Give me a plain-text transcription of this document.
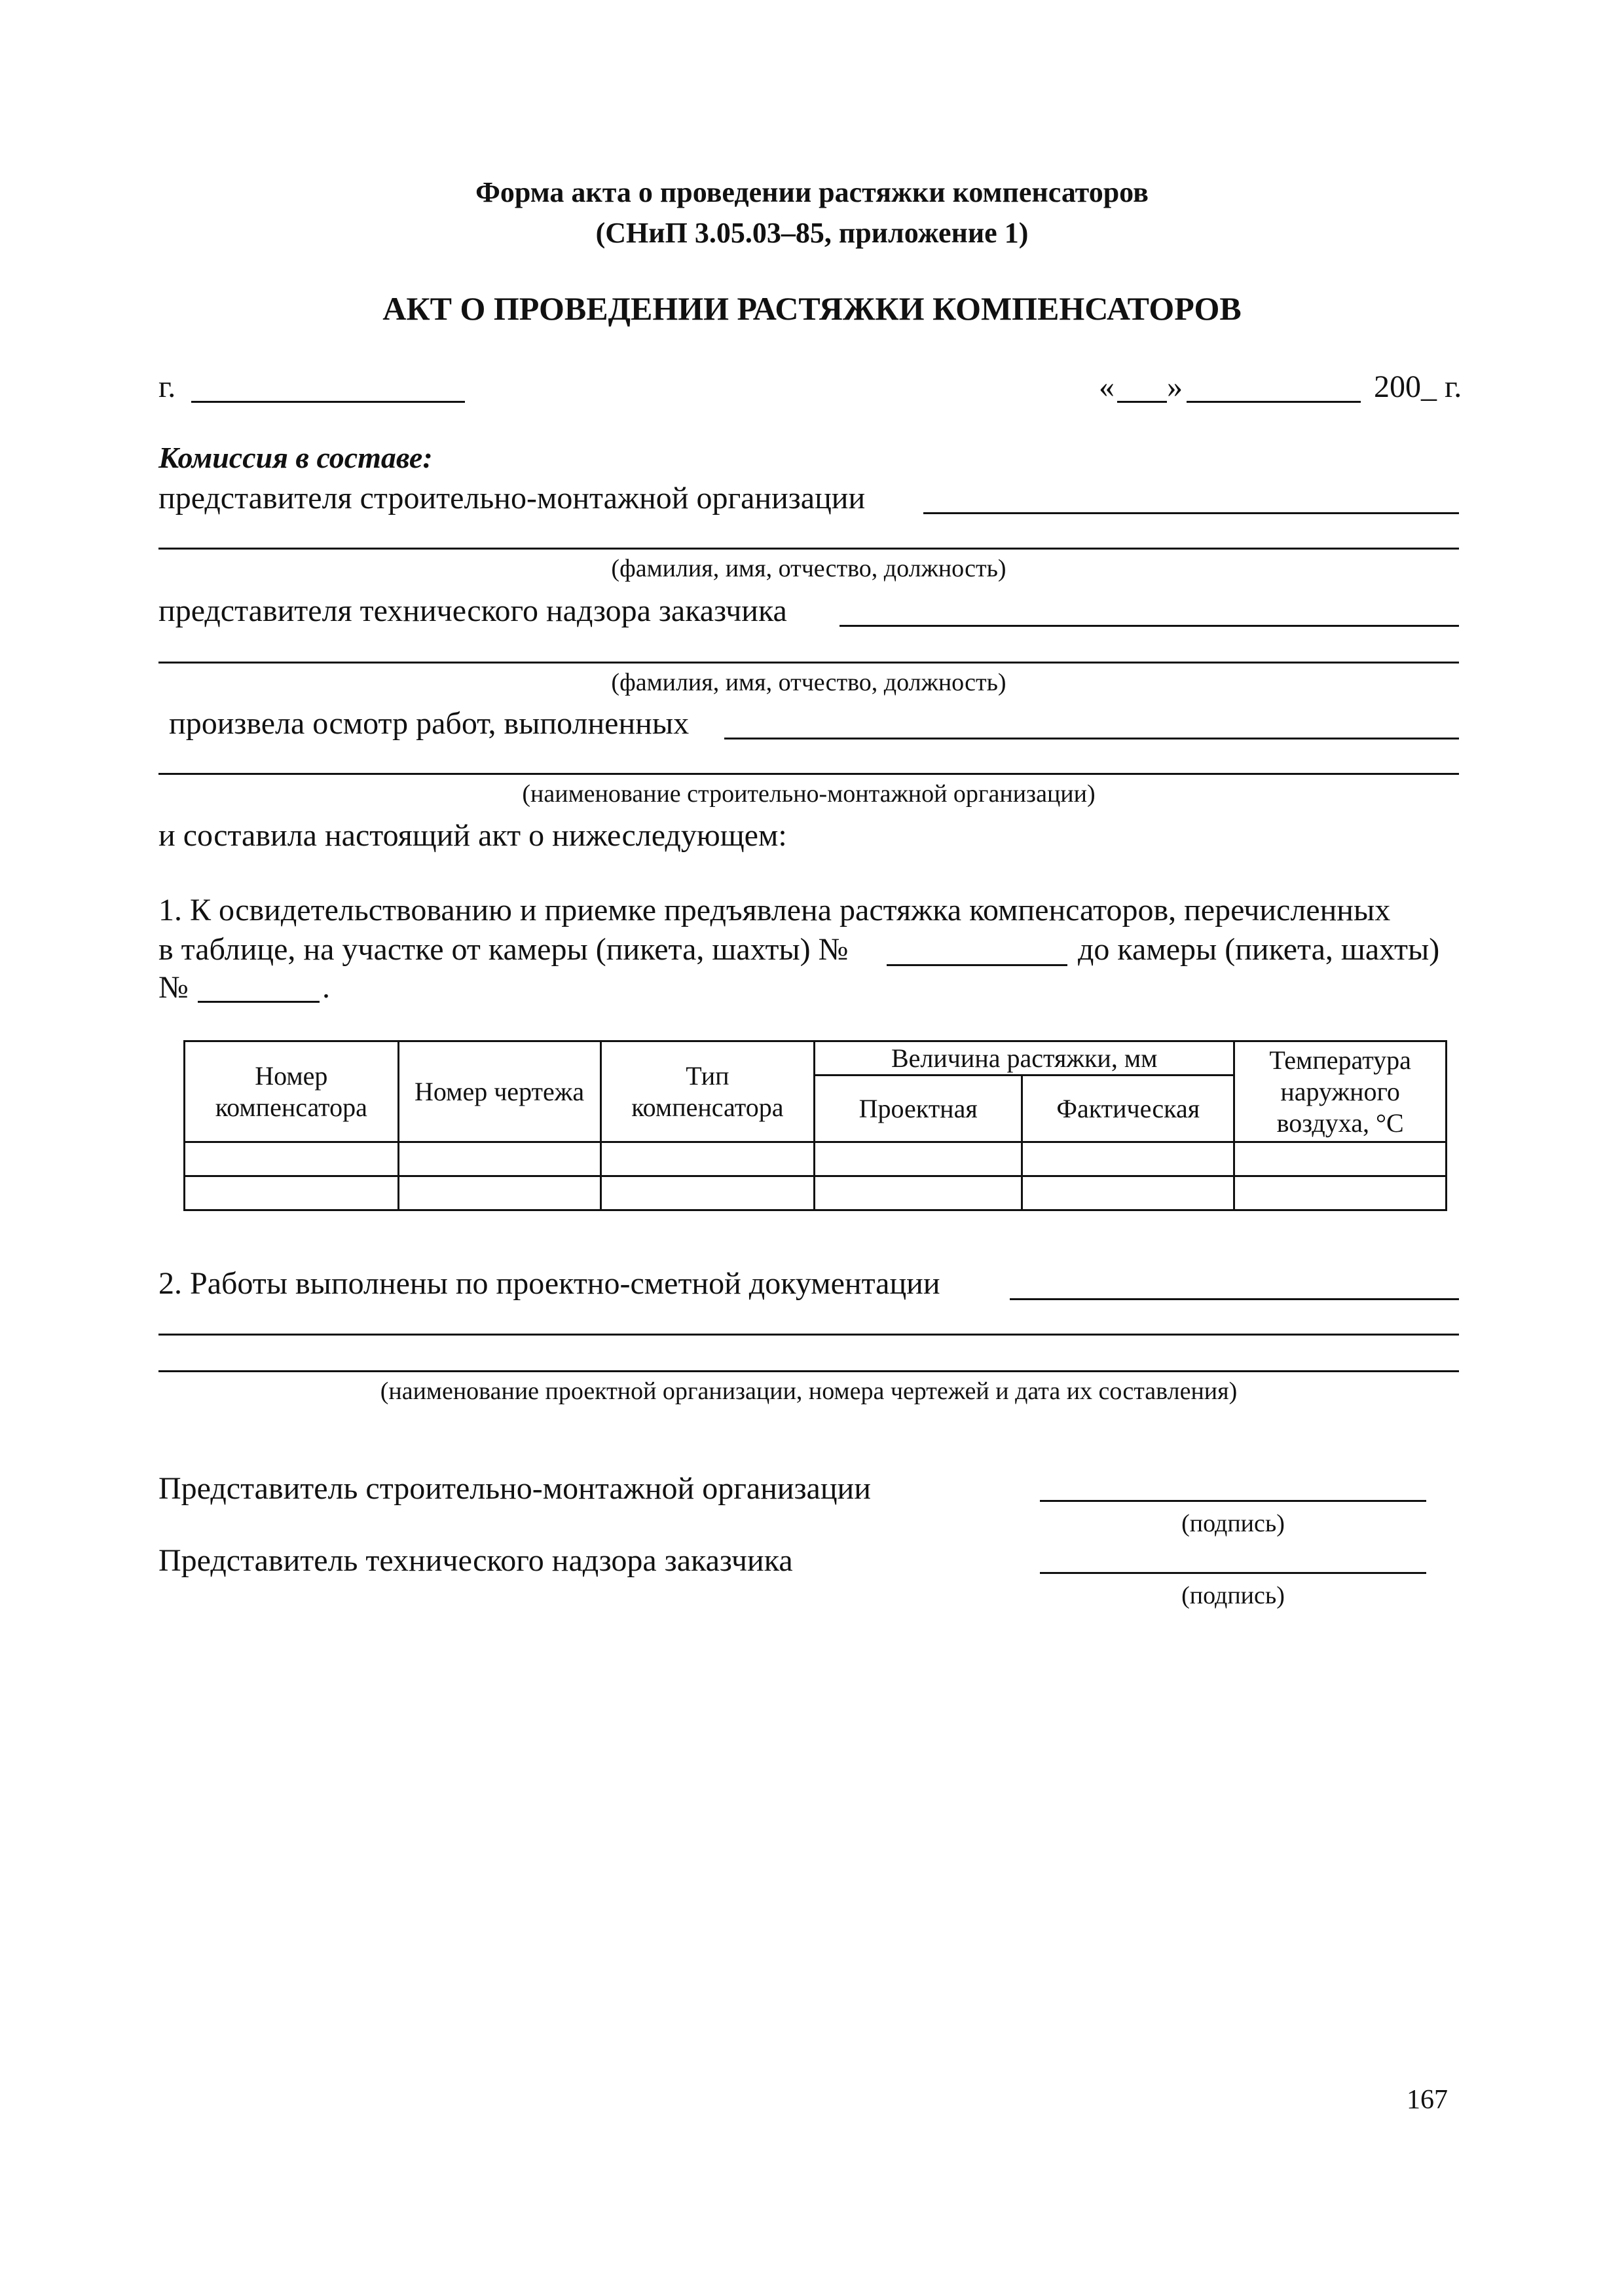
Форма акта о проведении растяжки компенсаторов
(СНиП 3.05.03–85, приложение 1)
АКТ О ПРОВЕДЕНИИ РАСТЯЖКИ КОМПЕНСАТОРОВ
г.	« »	200_ г.
Комиссия в составе:
представителя строительно-монтажной организации
(фамилия, имя, отчество, должность)
представителя технического надзора заказчика
(фамилия, имя, отчество, должность)
произвела осмотр работ, выполненных
(наименование строительно-монтажной организации)
и составила настоящий акт о нижеследующем:
1. К освидетельствованию и приемке предъявлена растяжка компенсаторов, перечисленных
в таблице, на участке от камеры (пикета, шахты) №	до камеры (пикета, шахты)
№	.
Номер компенсатора	Номер чертежа	Тип компенсатора	Величина растяжки, мм		Температура наружного воздуха, °С
			Проектная	Фактическая	

2. Работы выполнены по проектно-сметной документации
(наименование проектной организации, номера чертежей и дата их составления)
Представитель строительно-монтажной организации
(подпись)
Представитель технического надзора заказчика
(подпись)
167
